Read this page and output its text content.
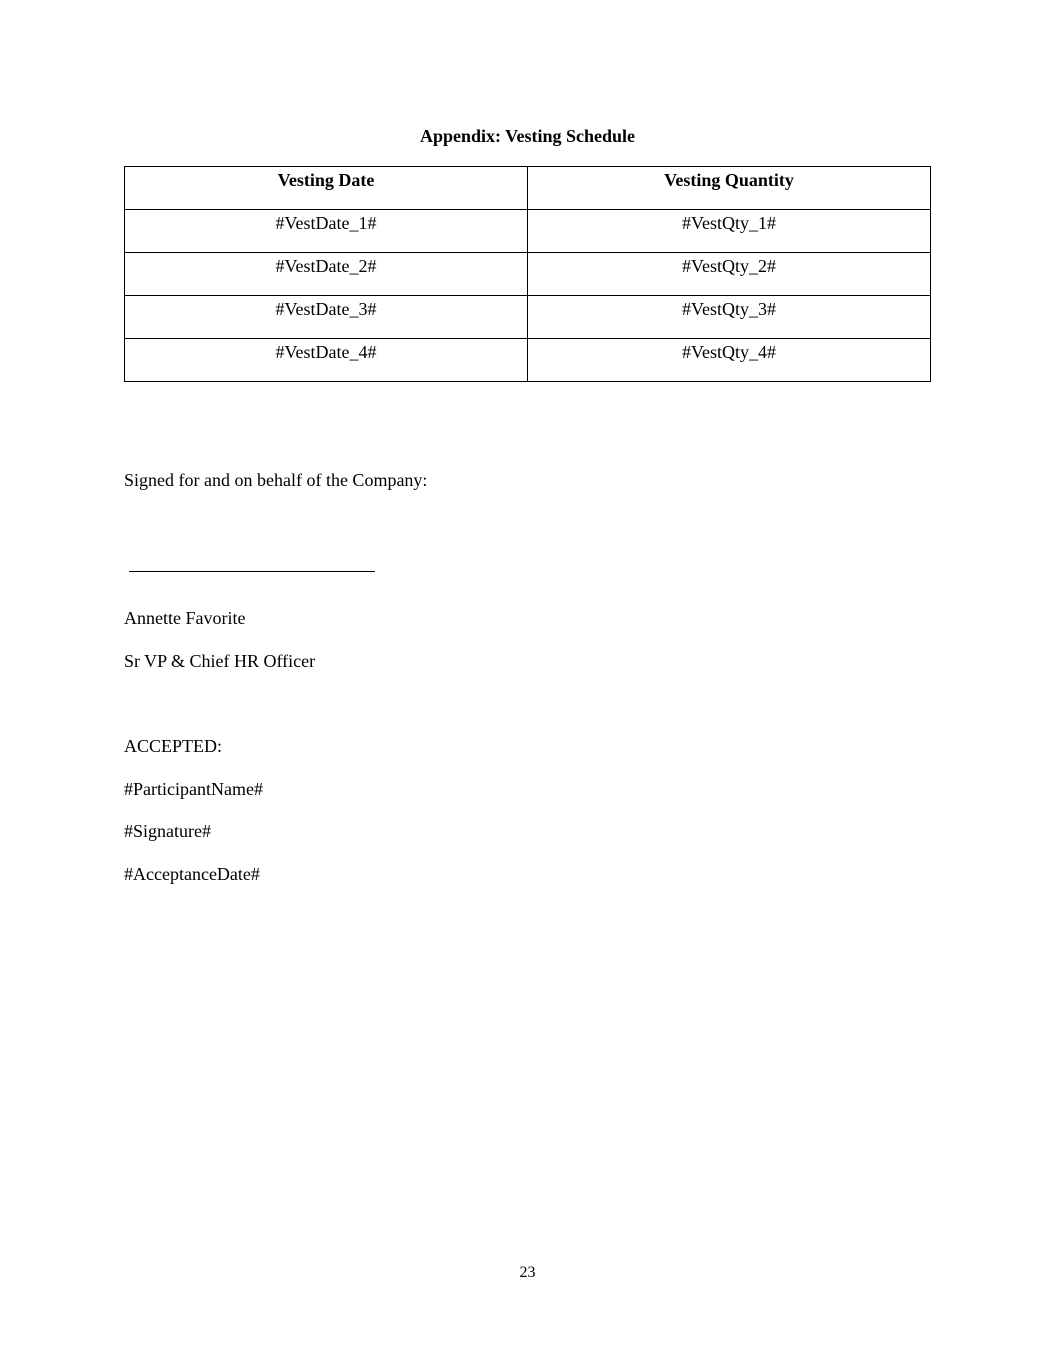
Appendix: Vesting Schedule
Vesting Date	Vesting Quantity

#VestDate_1#	#VestQty_1#

#VestDate_2#	#VestQty_2#

#VestDate_3#	#VestQty_3#

#VestDate_4#	#VestQty_4#
Signed for and on behalf of the Company:
Annette Favorite
Sr VP & Chief HR Officer
ACCEPTED:
#ParticipantName#
#Signature#
#AcceptanceDate#
23
